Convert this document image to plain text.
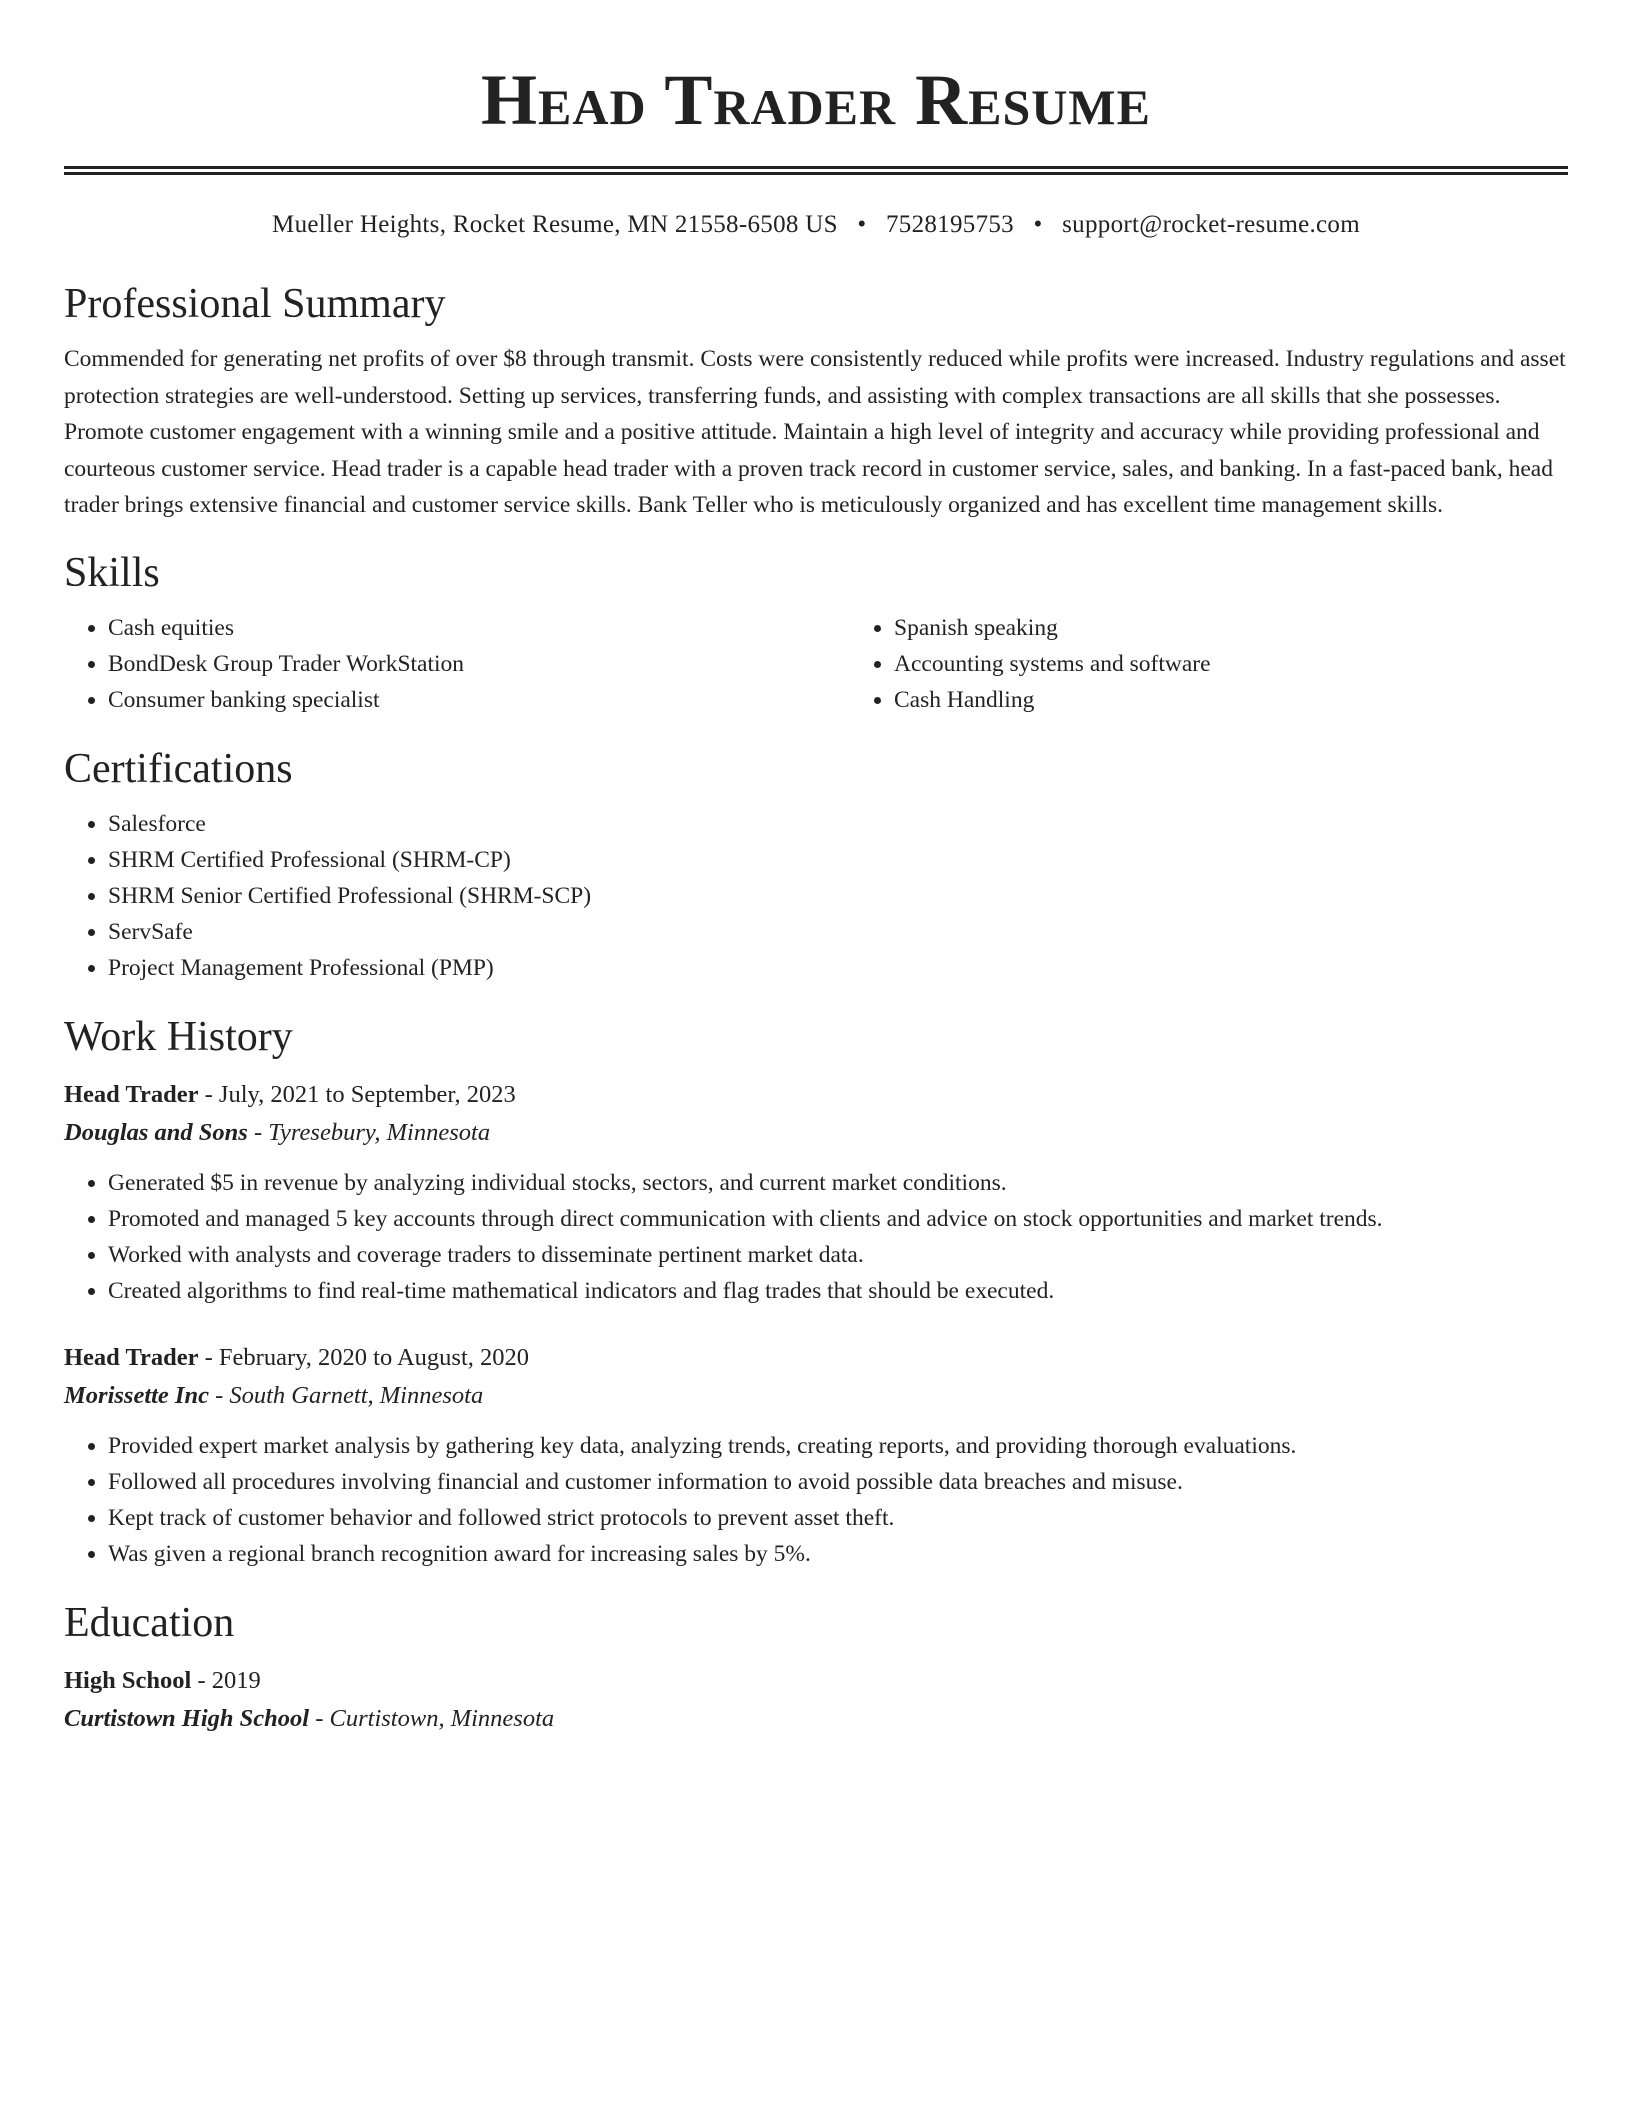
Head Trader Resume
Mueller Heights, Rocket Resume, MN 21558-6508 US • 7528195753 • support@rocket-resume.com
Professional Summary

Commended for generating net profits of over $8 through transmit. Costs were consistently reduced while profits were increased. Industry regulations and asset protection strategies are well-understood. Setting up services, transferring funds, and assisting with complex transactions are all skills that she possesses. Promote customer engagement with a winning smile and a positive attitude. Maintain a high level of integrity and accuracy while providing professional and courteous customer service. Head trader is a capable head trader with a proven track record in customer service, sales, and banking. In a fast-paced bank, head trader brings extensive financial and customer service skills. Bank Teller who is meticulously organized and has excellent time management skills.

Skills
• Cash equities
• BondDesk Group Trader WorkStation
• Consumer banking specialist
• Spanish speaking
• Accounting systems and software
• Cash Handling
Certifications
• Salesforce
• SHRM Certified Professional (SHRM-CP)
• SHRM Senior Certified Professional (SHRM-SCP)
• ServSafe
• Project Management Professional (PMP)
Work History
Head Trader - July, 2021 to September, 2023
Douglas and Sons - Tyresebury, Minnesota
• Generated $5 in revenue by analyzing individual stocks, sectors, and current market conditions.
• Promoted and managed 5 key accounts through direct communication with clients and advice on stock opportunities and market trends.
• Worked with analysts and coverage traders to disseminate pertinent market data.
• Created algorithms to find real-time mathematical indicators and flag trades that should be executed.
Head Trader - February, 2020 to August, 2020
Morissette Inc - South Garnett, Minnesota
• Provided expert market analysis by gathering key data, analyzing trends, creating reports, and providing thorough evaluations.
• Followed all procedures involving financial and customer information to avoid possible data breaches and misuse.
• Kept track of customer behavior and followed strict protocols to prevent asset theft.
• Was given a regional branch recognition award for increasing sales by 5%.
Education
High School - 2019
Curtistown High School - Curtistown, Minnesota
